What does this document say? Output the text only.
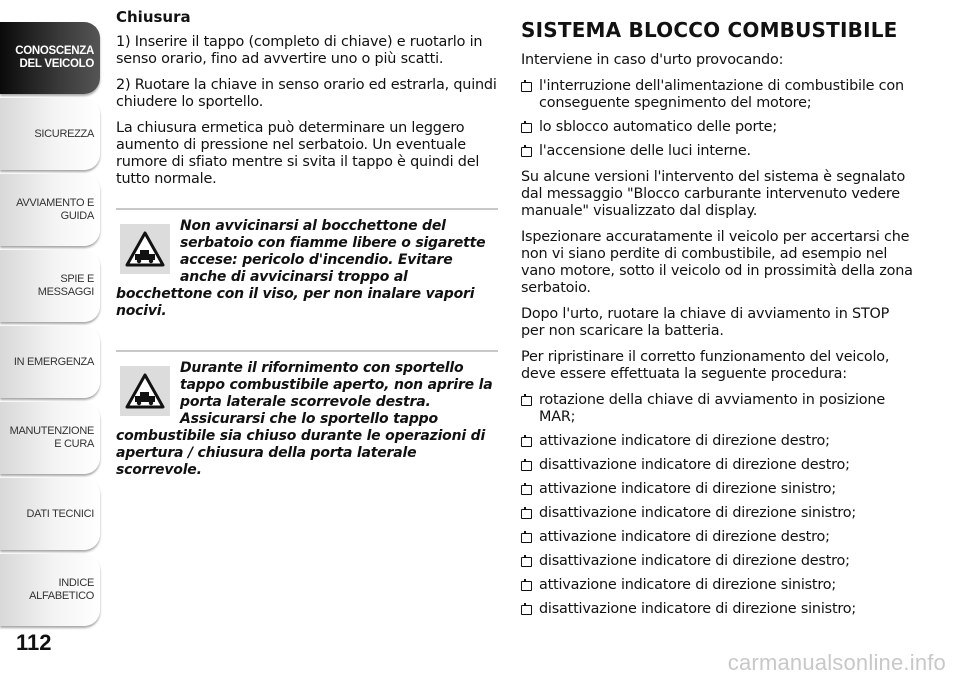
CONOSCENZA DEL VEICOLO
SICUREZZA
AVVIAMENTO E GUIDA
SPIE E MESSAGGI
IN EMERGENZA
MANUTENZIONE E CURA
DATI TECNICI
INDICE ALFABETICO
112

Chiusura

1) Inserire il tappo (completo di chiave) e ruotarlo in senso orario, fino ad avvertire uno o più scatti.

2) Ruotare la chiave in senso orario ed estrarla, quindi chiudere lo sportello.

La chiusura ermetica può determinare un leggero aumento di pressione nel serbatoio. Un eventuale rumore di sfiato mentre si svita il tappo è quindi del tutto normale.

Non avvicinarsi al bocchettone del serbatoio con fiamme libere o sigarette accese: pericolo d'incendio. Evitare anche di avvicinarsi troppo al bocchettone con il viso, per non inalare vapori nocivi.

Durante il rifornimento con sportello tappo combustibile aperto, non aprire la porta laterale scorrevole destra. Assicurarsi che lo sportello tappo combustibile sia chiuso durante le operazioni di apertura / chiusura della porta laterale scorrevole.

SISTEMA BLOCCO COMBUSTIBILE

Interviene in caso d'urto provocando:

l'interruzione dell'alimentazione di combustibile con conseguente spegnimento del motore;
lo sblocco automatico delle porte;
l'accensione delle luci interne.

Su alcune versioni l'intervento del sistema è segnalato dal messaggio "Blocco carburante intervenuto vedere manuale" visualizzato dal display.

Ispezionare accuratamente il veicolo per accertarsi che non vi siano perdite di combustibile, ad esempio nel vano motore, sotto il veicolo od in prossimità della zona serbatoio.

Dopo l'urto, ruotare la chiave di avviamento in STOP per non scaricare la batteria.

Per ripristinare il corretto funzionamento del veicolo, deve essere effettuata la seguente procedura:

rotazione della chiave di avviamento in posizione MAR;
attivazione indicatore di direzione destro;
disattivazione indicatore di direzione destro;
attivazione indicatore di direzione sinistro;
disattivazione indicatore di direzione sinistro;
attivazione indicatore di direzione destro;
disattivazione indicatore di direzione destro;
attivazione indicatore di direzione sinistro;
disattivazione indicatore di direzione sinistro;
carmanualsonline.info
